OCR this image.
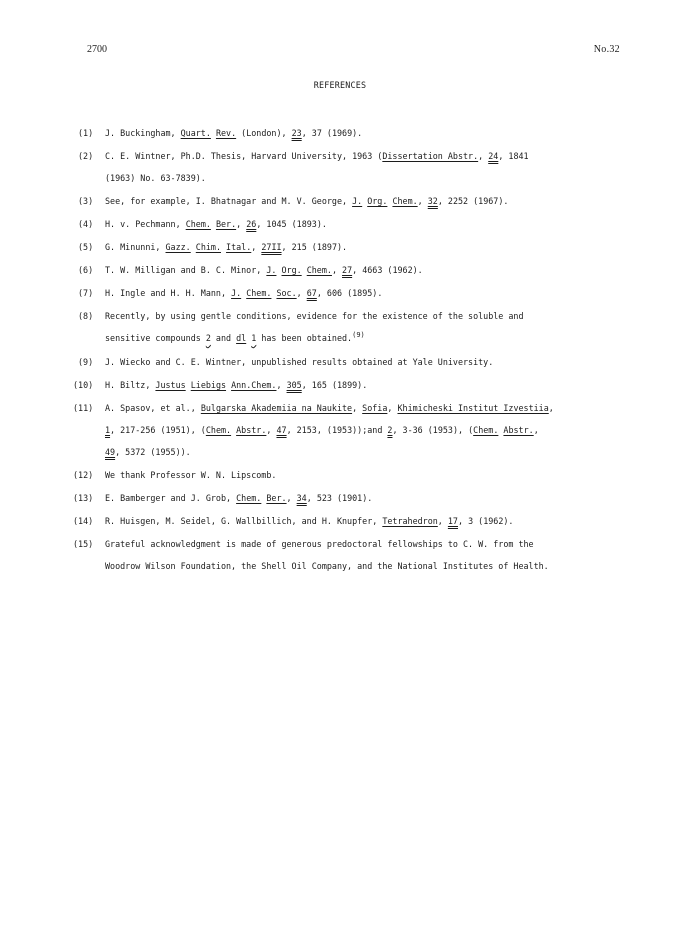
2700	No.32
REFERENCES
(1) J. Buckingham, Quart. Rev. (London), 23, 37 (1969).
(2) C. E. Wintner, Ph.D. Thesis, Harvard University, 1963 (Dissertation Abstr., 24, 1841
(1963) No. 63-7839).
(3) See, for example, I. Bhatnagar and M. V. George, J. Org. Chem., 32, 2252 (1967).
(4) H. v. Pechmann, Chem. Ber., 26, 1045 (1893).
(5) G. Minunni, Gazz. Chim. Ital., 27II, 215 (1897).
(6) T. W. Milligan and B. C. Minor, J. Org. Chem., 27, 4663 (1962).
(7) H. Ingle and H. H. Mann, J. Chem. Soc., 67, 606 (1895).
(8) Recently, by using gentle conditions, evidence for the existence of the soluble and
sensitive compounds 2 and dl 1 has been obtained.$^{(9)}$
(9) J. Wiecko and C. E. Wintner, unpublished results obtained at Yale University.
(10) H. Biltz, Justus Liebigs Ann.Chem., 305, 165 (1899).
(11) A. Spasov, et al., Bulgarska Akademiia na Naukite, Sofia, Khimicheski Institut Izvestiia,
1, 217-256 (1951), (Chem. Abstr., 47, 2153, (1953));and 2, 3-36 (1953), (Chem. Abstr.,
49, 5372 (1955)).
(12) We thank Professor W. N. Lipscomb.
(13) E. Bamberger and J. Grob, Chem. Ber., 34, 523 (1901).
(14) R. Huisgen, M. Seidel, G. Wallbillich, and H. Knupfer, Tetrahedron, 17, 3 (1962).
(15) Grateful acknowledgment is made of generous predoctoral fellowships to C. W. from the
Woodrow Wilson Foundation, the Shell Oil Company, and the National Institutes of Health.
